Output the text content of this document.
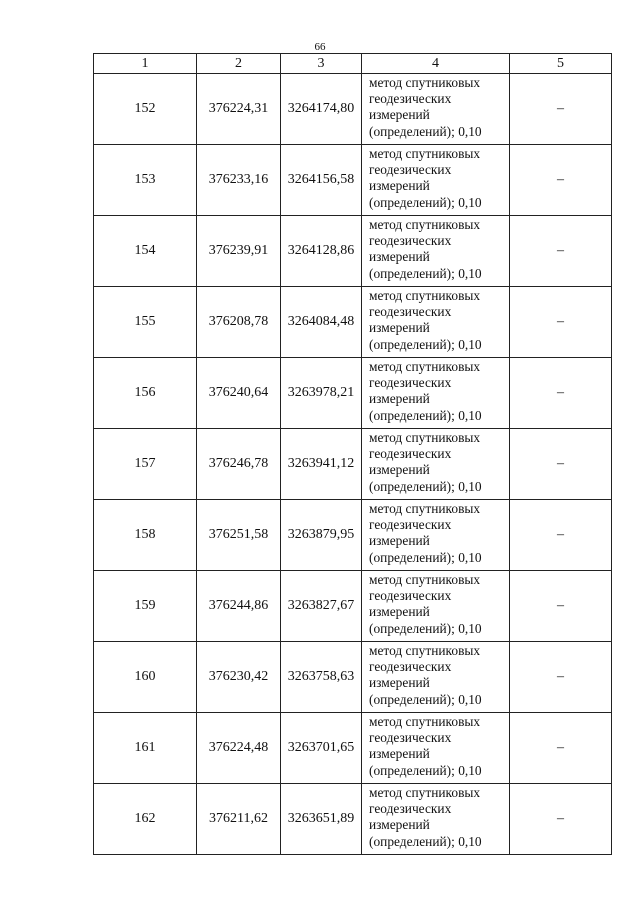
66
1	2	3	4	5
152	376224,31	3264174,80	метод спутниковых
геодезических
измерений
(определений); 0,10	–
153	376233,16	3264156,58	метод спутниковых
геодезических
измерений
(определений); 0,10	–
154	376239,91	3264128,86	метод спутниковых
геодезических
измерений
(определений); 0,10	–
155	376208,78	3264084,48	метод спутниковых
геодезических
измерений
(определений); 0,10	–
156	376240,64	3263978,21	метод спутниковых
геодезических
измерений
(определений); 0,10	–
157	376246,78	3263941,12	метод спутниковых
геодезических
измерений
(определений); 0,10	–
158	376251,58	3263879,95	метод спутниковых
геодезических
измерений
(определений); 0,10	–
159	376244,86	3263827,67	метод спутниковых
геодезических
измерений
(определений); 0,10	–
160	376230,42	3263758,63	метод спутниковых
геодезических
измерений
(определений); 0,10	–
161	376224,48	3263701,65	метод спутниковых
геодезических
измерений
(определений); 0,10	–
162	376211,62	3263651,89	метод спутниковых
геодезических
измерений
(определений); 0,10	–
